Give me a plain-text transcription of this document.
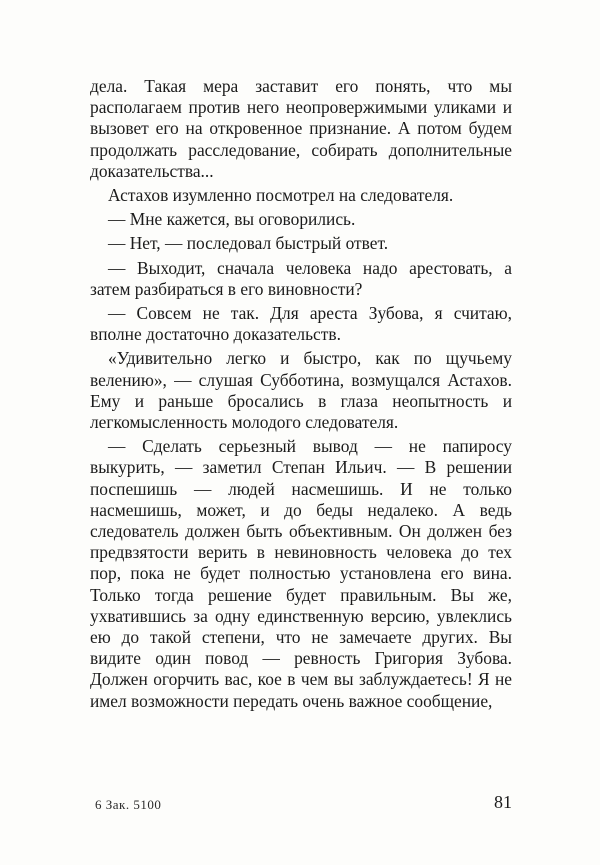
дела. Такая мера заставит его понять, что мы располагаем против него неопровержимыми уликами и вызовет его на откровенное признание. А потом будем продолжать расследование, собирать дополнительные доказательства...

Астахов изумленно посмотрел на следователя.

— Мне кажется, вы оговорились.

— Нет, — последовал быстрый ответ.

— Выходит, сначала человека надо арестовать, а затем разбираться в его виновности?

— Совсем не так. Для ареста Зубова, я считаю, вполне достаточно доказательств.

«Удивительно легко и быстро, как по щучьему велению», — слушая Субботина, возмущался Астахов. Ему и раньше бросались в глаза неопытность и легкомысленность молодого следователя.

— Сделать серьезный вывод — не папиросу выкурить, — заметил Степан Ильич. — В решении поспешишь — людей насмешишь. И не только насмешишь, может, и до беды недалеко. А ведь следователь должен быть объективным. Он должен без предвзятости верить в невиновность человека до тех пор, пока не будет полностью установлена его вина. Только тогда решение будет правильным. Вы же, ухватившись за одну единственную версию, увлеклись ею до такой степени, что не замечаете других. Вы видите один повод — ревность Григория Зубова. Должен огорчить вас, кое в чем вы заблуждаетесь! Я не имел возможности передать очень важное сообщение,

6 Зак. 5100	81
